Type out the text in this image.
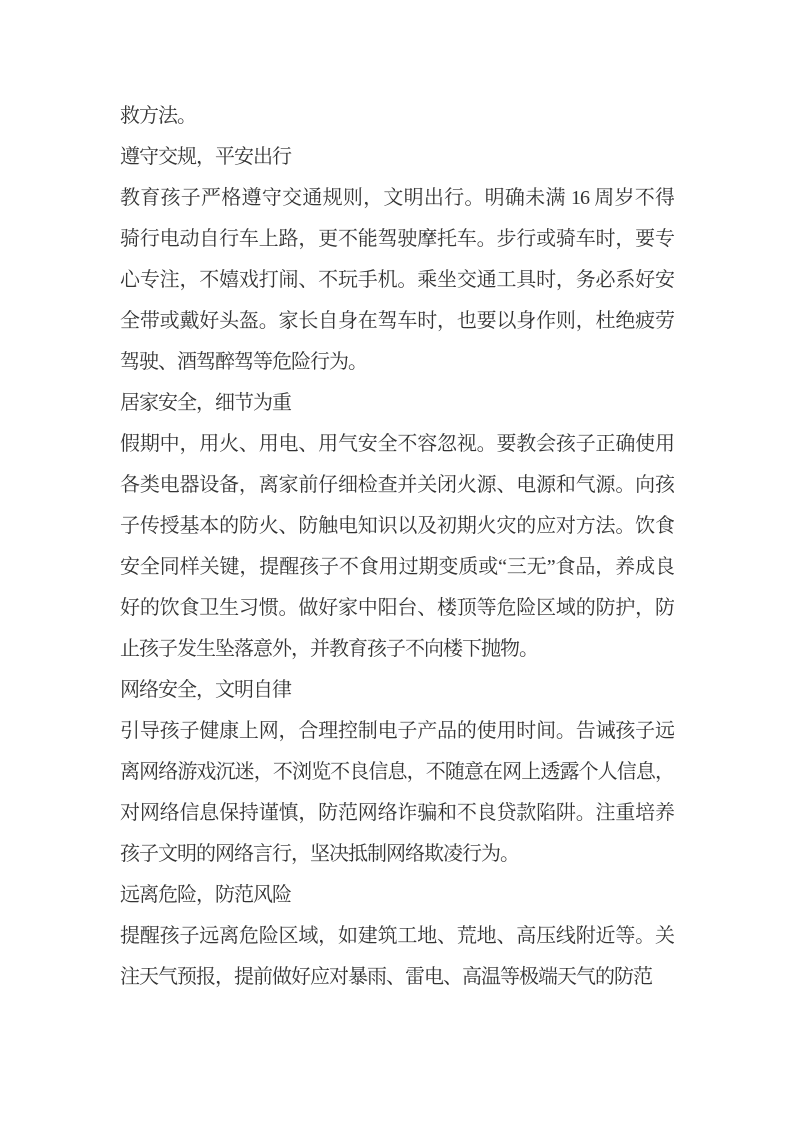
救方法。
遵守交规，平安出行
教育孩子严格遵守交通规则，文明出行。明确未满 16 周岁不得
骑行电动自行车上路，更不能驾驶摩托车。步行或骑车时，要专
心专注，不嬉戏打闹、不玩手机。乘坐交通工具时，务必系好安
全带或戴好头盔。家长自身在驾车时，也要以身作则，杜绝疲劳
驾驶、酒驾醉驾等危险行为。
居家安全，细节为重
假期中，用火、用电、用气安全不容忽视。要教会孩子正确使用
各类电器设备，离家前仔细检查并关闭火源、电源和气源。向孩
子传授基本的防火、防触电知识以及初期火灾的应对方法。饮食
安全同样关键，提醒孩子不食用过期变质或“三无”食品，养成良
好的饮食卫生习惯。做好家中阳台、楼顶等危险区域的防护，防
止孩子发生坠落意外，并教育孩子不向楼下抛物。
网络安全，文明自律
引导孩子健康上网，合理控制电子产品的使用时间。告诫孩子远
离网络游戏沉迷，不浏览不良信息，不随意在网上透露个人信息，
对网络信息保持谨慎，防范网络诈骗和不良贷款陷阱。注重培养
孩子文明的网络言行，坚决抵制网络欺凌行为。
远离危险，防范风险
提醒孩子远离危险区域，如建筑工地、荒地、高压线附近等。关
注天气预报，提前做好应对暴雨、雷电、高温等极端天气的防范
